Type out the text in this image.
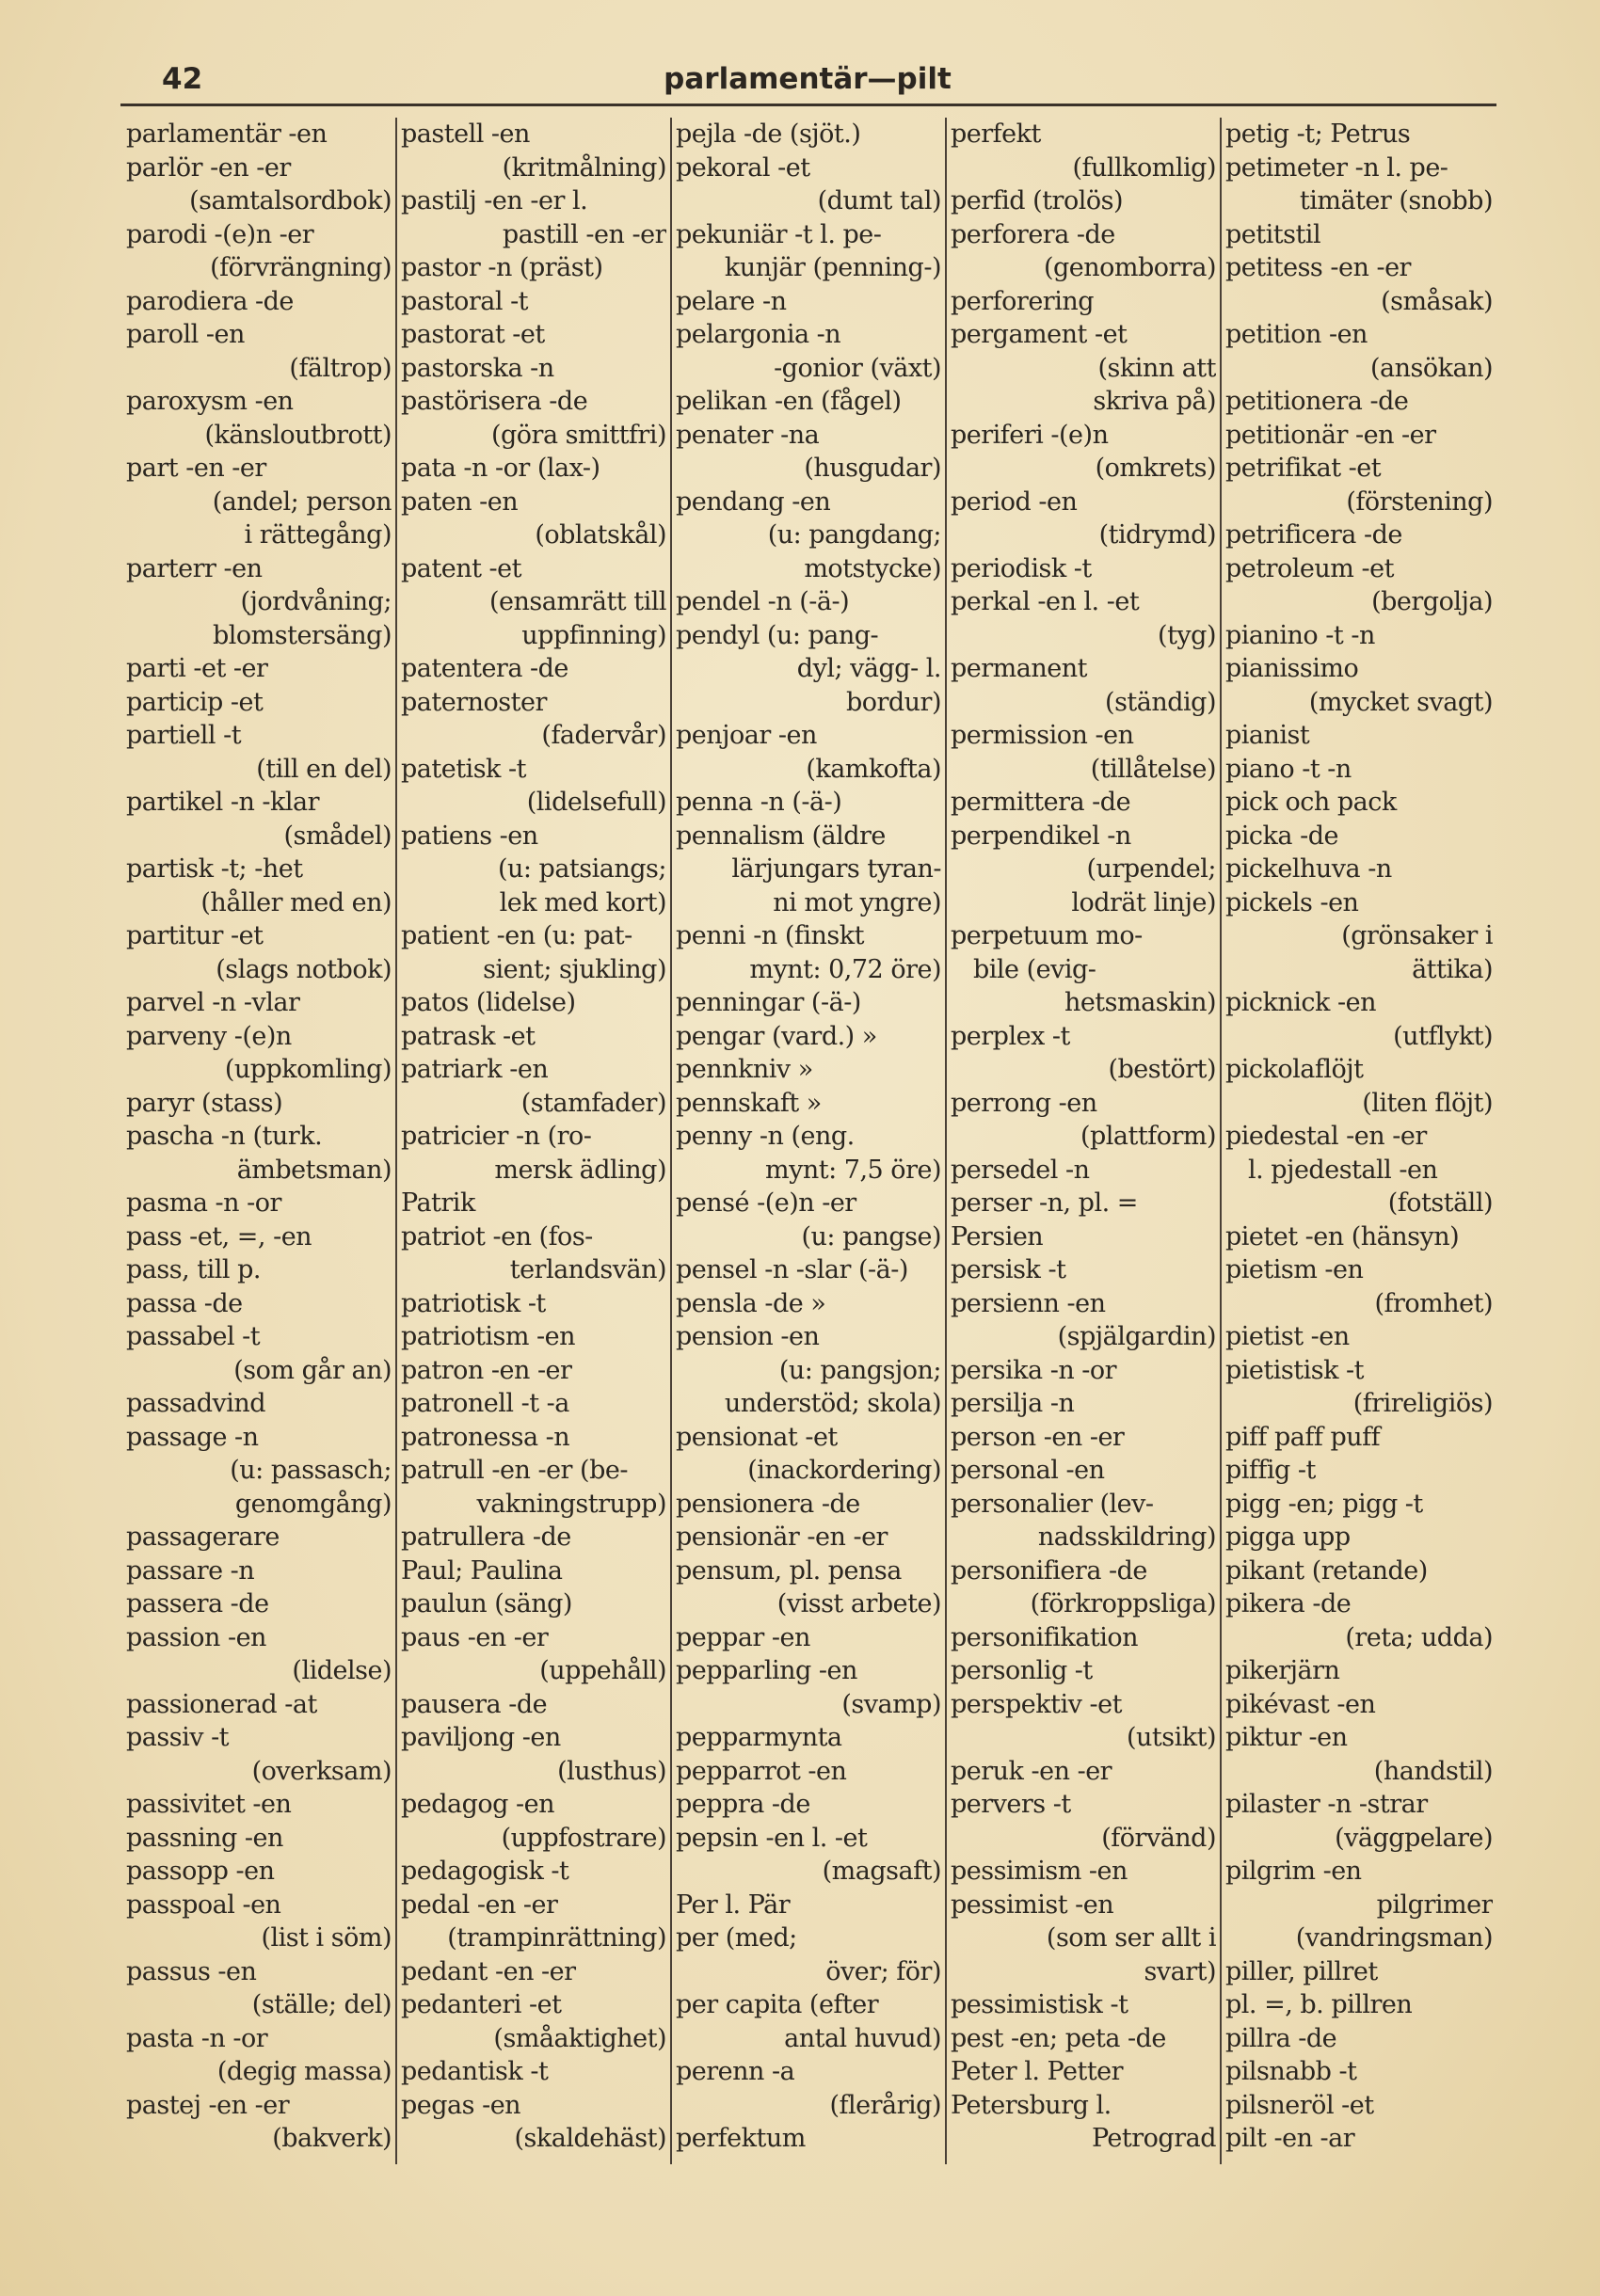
42	parlamentär—pilt
parlamentär -en
parlör -en -er
(samtalsordbok)
parodi -(e)n -er
(förvrängning)
parodiera -de
paroll -en
(fältrop)
paroxysm -en
(känsloutbrott)
part -en -er
(andel; person
i rättegång)
parterr -en
(jordvåning;
blomstersäng)
parti -et -er
particip -et
partiell -t
(till en del)
partikel -n -klar
(smådel)
partisk -t; -het
(håller med en)
partitur -et
(slags notbok)
parvel -n -vlar
parveny -(e)n
(uppkomling)
paryr (stass)
pascha -n (turk.
ämbetsman)
pasma -n -or
pass -et, =, -en
pass, till p.
passa -de
passabel -t
(som går an)
passadvind
passage -n
(u: passasch;
genomgång)
passagerare
passare -n
passera -de
passion -en
(lidelse)
passionerad -at
passiv -t
(overksam)
passivitet -en
passning -en
passopp -en
passpoal -en
(list i söm)
passus -en
(ställe; del)
pasta -n -or
(degig massa)
pastej -en -er
(bakverk)
pastell -en
(kritmålning)
pastilj -en -er l.
pastill -en -er
pastor -n (präst)
pastoral -t
pastorat -et
pastorska -n
pastörisera -de
(göra smittfri)
pata -n -or (lax-)
paten -en
(oblatskål)
patent -et
(ensamrätt till
uppfinning)
patentera -de
paternoster
(fadervår)
patetisk -t
(lidelsefull)
patiens -en
(u: patsiangs;
lek med kort)
patient -en (u: pat-
sient; sjukling)
patos (lidelse)
patrask -et
patriark -en
(stamfader)
patricier -n (ro-
mersk ädling)
Patrik
patriot -en (fos-
terlandsvän)
patriotisk -t
patriotism -en
patron -en -er
patronell -t -a
patronessa -n
patrull -en -er (be-
vakningstrupp)
patrullera -de
Paul; Paulina
paulun (säng)
paus -en -er
(uppehåll)
pausera -de
paviljong -en
(lusthus)
pedagog -en
(uppfostrare)
pedagogisk -t
pedal -en -er
(trampinrättning)
pedant -en -er
pedanteri -et
(småaktighet)
pedantisk -t
pegas -en
(skaldehäst)
pejla -de (sjöt.)
pekoral -et
(dumt tal)
pekuniär -t l. pe-
kunjär (penning-)
pelare -n
pelargonia -n
-gonior (växt)
pelikan -en (fågel)
penater -na
(husgudar)
pendang -en
(u: pangdang;
motstycke)
pendel -n (-ä-)
pendyl (u: pang-
dyl; vägg- l.
bordur)
penjoar -en
(kamkofta)
penna -n (-ä-)
pennalism (äldre
lärjungars tyran-
ni mot yngre)
penni -n (finskt
mynt: 0,72 öre)
penningar (-ä-)
pengar (vard.) »
pennkniv »
pennskaft »
penny -n (eng.
mynt: 7,5 öre)
pensé -(e)n -er
(u: pangse)
pensel -n -slar (-ä-)
pensla -de »
pension -en
(u: pangsjon;
understöd; skola)
pensionat -et
(inackordering)
pensionera -de
pensionär -en -er
pensum, pl. pensa
(visst arbete)
peppar -en
pepparling -en
(svamp)
pepparmynta
pepparrot -en
peppra -de
pepsin -en l. -et
(magsaft)
Per l. Pär
per (med;
över; för)
per capita (efter
antal huvud)
perenn -a
(flerårig)
perfektum
perfekt
(fullkomlig)
perfid (trolös)
perforera -de
(genomborra)
perforering
pergament -et
(skinn att
skriva på)
periferi -(e)n
(omkrets)
period -en
(tidrymd)
periodisk -t
perkal -en l. -et
(tyg)
permanent
(ständig)
permission -en
(tillåtelse)
permittera -de
perpendikel -n
(urpendel;
lodrät linje)
perpetuum mo-
bile (evig-
hetsmaskin)
perplex -t
(bestört)
perrong -en
(plattform)
persedel -n
perser -n, pl. =
Persien
persisk -t
persienn -en
(spjälgardin)
persika -n -or
persilja -n
person -en -er
personal -en
personalier (lev-
nadsskildring)
personifiera -de
(förkroppsliga)
personifikation
personlig -t
perspektiv -et
(utsikt)
peruk -en -er
pervers -t
(förvänd)
pessimism -en
pessimist -en
(som ser allt i
svart)
pessimistisk -t
pest -en; peta -de
Peter l. Petter
Petersburg l.
Petrograd
petig -t; Petrus
petimeter -n l. pe-
timäter (snobb)
petitstil
petitess -en -er
(småsak)
petition -en
(ansökan)
petitionera -de
petitionär -en -er
petrifikat -et
(förstening)
petrificera -de
petroleum -et
(bergolja)
pianino -t -n
pianissimo
(mycket svagt)
pianist
piano -t -n
pick och pack
picka -de
pickelhuva -n
pickels -en
(grönsaker i
ättika)
picknick -en
(utflykt)
pickolaflöjt
(liten flöjt)
piedestal -en -er
l. pjedestall -en
(fotställ)
pietet -en (hänsyn)
pietism -en
(fromhet)
pietist -en
pietistisk -t
(frireligiös)
piff paff puff
piffig -t
pigg -en; pigg -t
pigga upp
pikant (retande)
pikera -de
(reta; udda)
pikerjärn
pikévast -en
piktur -en
(handstil)
pilaster -n -strar
(väggpelare)
pilgrim -en
pilgrimer
(vandringsman)
piller, pillret
pl. =, b. pillren
pillra -de
pilsnabb -t
pilsneröl -et
pilt -en -ar
